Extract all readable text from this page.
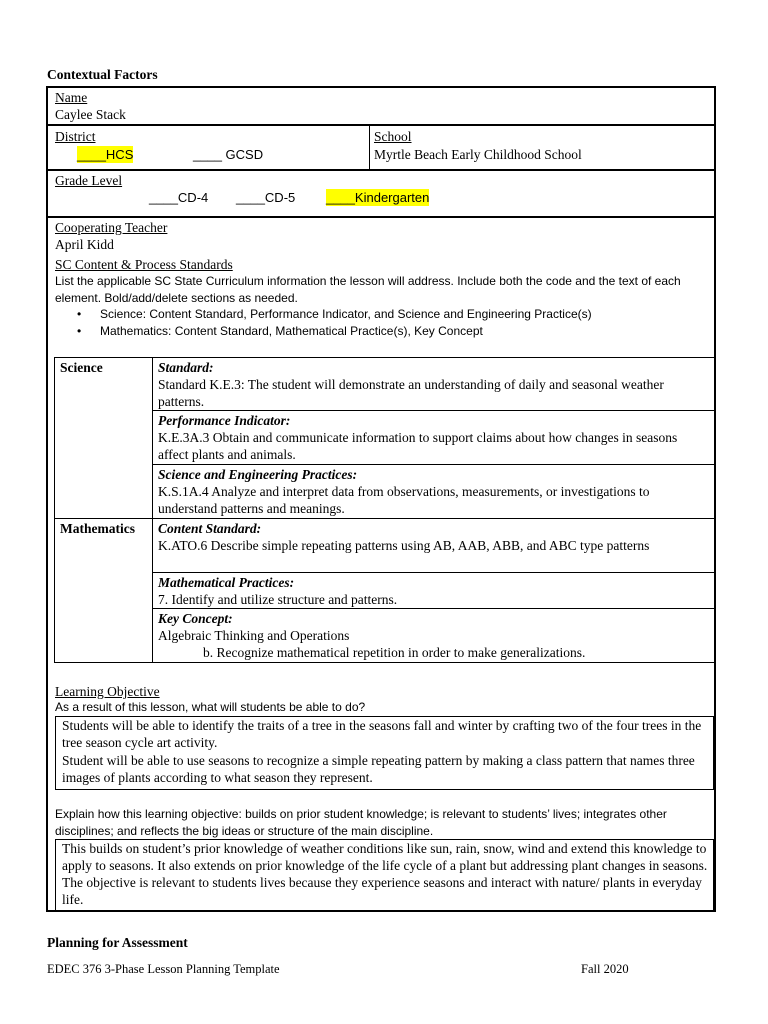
Contextual Factors
Name
Caylee Stack
District
____HCS	____ GCSD
School
Myrtle Beach Early Childhood School
Grade Level
____CD-4 ____CD-5 ____Kindergarten
Cooperating Teacher
April Kidd
SC Content & Process Standards
List the applicable SC State Curriculum information the lesson will address. Include both the code and the text of each element. Bold/add/delete sections as needed.
• Science: Content Standard, Performance Indicator, and Science and Engineering Practice(s)
• Mathematics: Content Standard, Mathematical Practice(s), Key Concept
Science	Standard:
Standard K.E.3: The student will demonstrate an understanding of daily and seasonal weather patterns.

	Performance Indicator:
K.E.3A.3 Obtain and communicate information to support claims about how changes in seasons affect plants and animals.

	Science and Engineering Practices:
K.S.1A.4 Analyze and interpret data from observations, measurements, or investigations to understand patterns and meanings.

Mathematics	Content Standard:
K.ATO.6 Describe simple repeating patterns using AB, AAB, ABB, and ABC type patterns

	Mathematical Practices:
7. Identify and utilize structure and patterns.

	Key Concept:
Algebraic Thinking and Operations
b. Recognize mathematical repetition in order to make generalizations.
Learning Objective
As a result of this lesson, what will students be able to do?
Students will be able to identify the traits of a tree in the seasons fall and winter by crafting two of the four trees in the tree season cycle art activity.
Student will be able to use seasons to recognize a simple repeating pattern by making a class pattern that names three images of plants according to what season they represent.
Explain how this learning objective: builds on prior student knowledge; is relevant to students’ lives; integrates other disciplines; and reflects the big ideas or structure of the main discipline.
This builds on student’s prior knowledge of weather conditions like sun, rain, snow, wind and extend this knowledge to apply to seasons. It also extends on prior knowledge of the life cycle of a plant but addressing plant changes in seasons. The objective is relevant to students lives because they experience seasons and interact with nature/ plants in everyday life.
Planning for Assessment
EDEC 376 3-Phase Lesson Planning Template	Fall 2020
